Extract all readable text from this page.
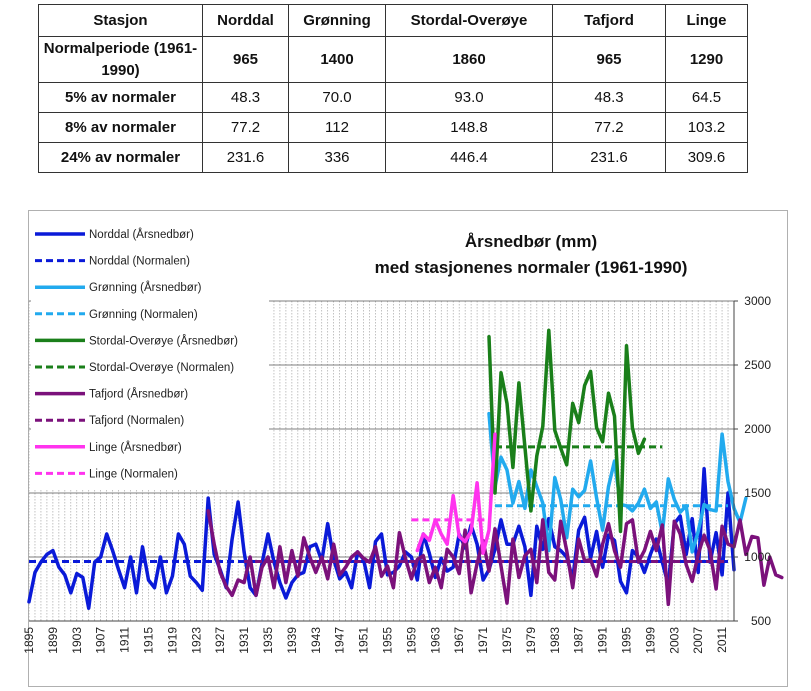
Stasjon	Norddal	Grønning	Stordal-Overøye	Tafjord	Linge
Normalperiode (1961-1990)	965	1400	1860	965	1290
5% av normaler	48.3	70.0	93.0	48.3	64.5
8% av normaler	77.2	112	148.8	77.2	103.2
24% av normaler	231.6	336	446.4	231.6	309.6
500
1000
1500
2000
2500
3000
1895 1899 1903 1907 1911 1915 1919 1923 1927 1931 1935 1939 1943 1947 1951 1955 1959 1963 1967 1971 1975 1979 1983 1987 1991 1995 1999 2003 2007 2011
Norddal (Årsnedbør)
Norddal (Normalen)
Grønning (Årsnedbør)
Grønning (Normalen)
Stordal-Overøye (Årsnedbør)
Stordal-Overøye (Normalen)
Tafjord (Årsnedbør)
Tafjord (Normalen)
Linge (Årsnedbør)
Linge (Normalen)
Årsnedbør (mm)
med stasjonenes normaler (1961-1990)
